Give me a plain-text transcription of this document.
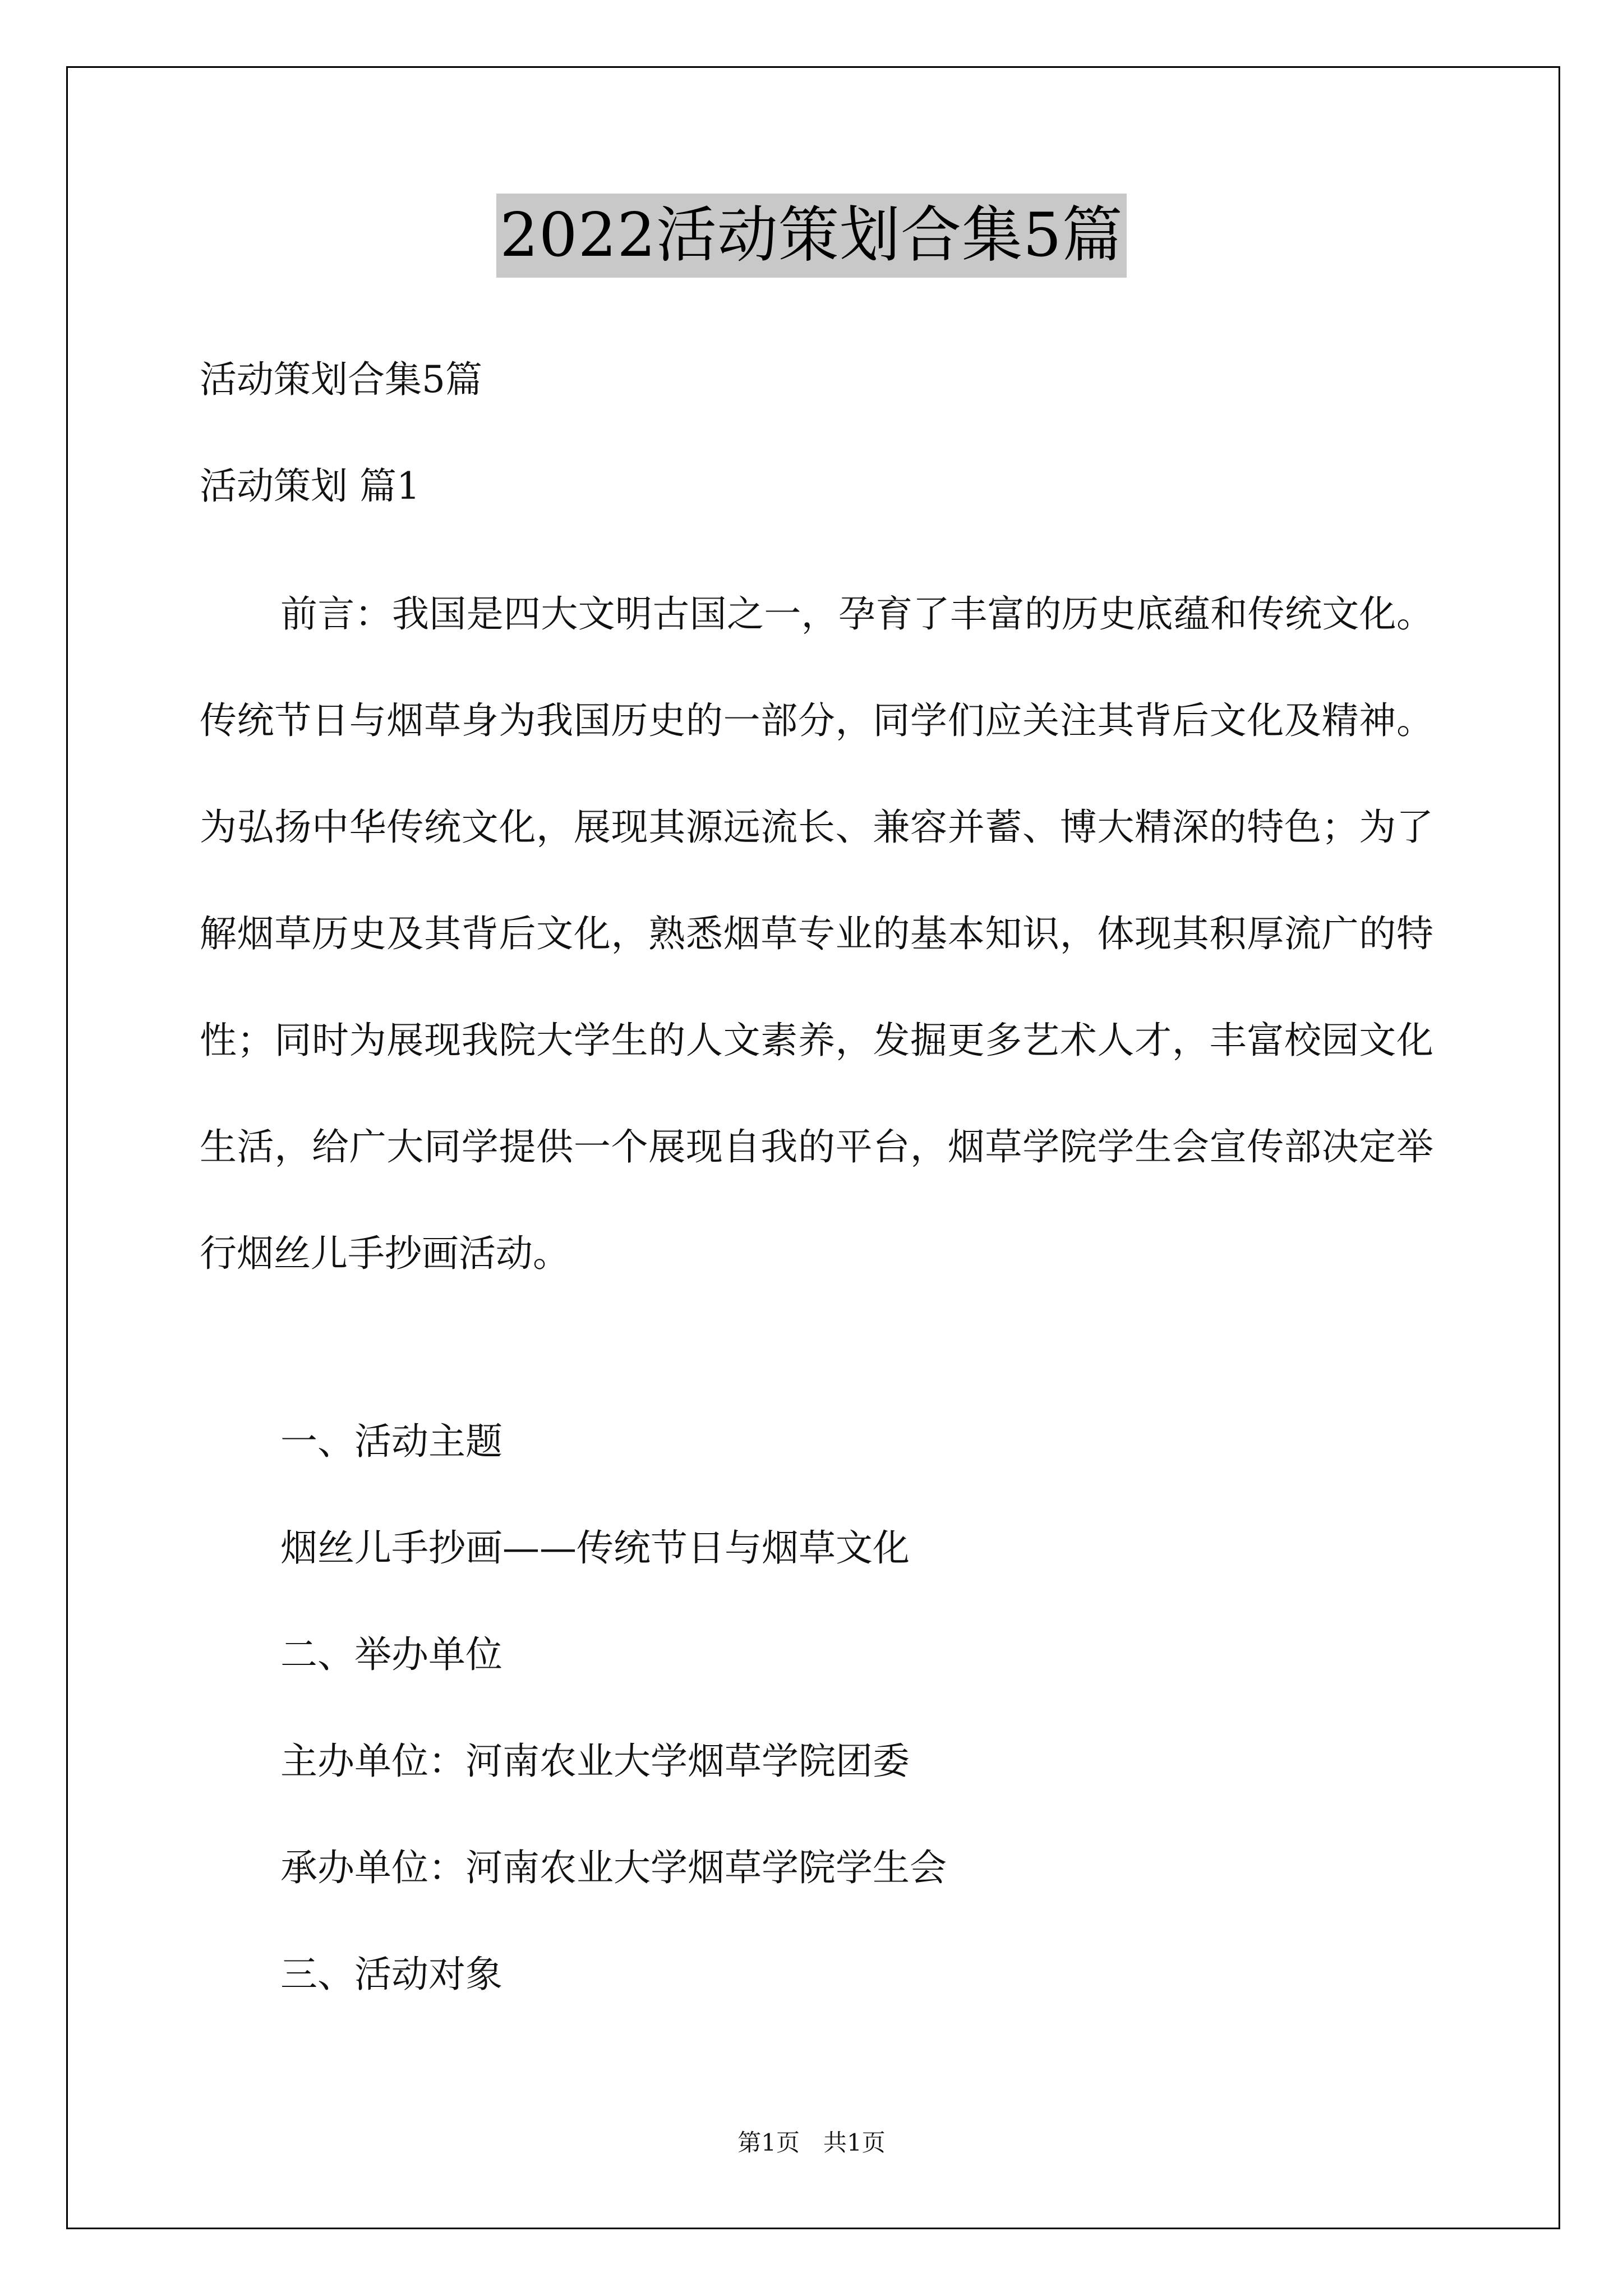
2022活动策划合集5篇
活动策划合集5篇
活动策划 篇1
前言：我国是四大文明古国之一，孕育了丰富的历史底蕴和传统文化。传统节日与烟草身为我国历史的一部分，同学们应关注其背后文化及精神。为弘扬中华传统文化，展现其源远流长、兼容并蓄、博大精深的特色；为了解烟草历史及其背后文化，熟悉烟草专业的基本知识，体现其积厚流广的特性；同时为展现我院大学生的人文素养，发掘更多艺术人才，丰富校园文化生活，给广大同学提供一个展现自我的平台，烟草学院学生会宣传部决定举行烟丝儿手抄画活动。
一、活动主题
烟丝儿手抄画——传统节日与烟草文化
二、举办单位
主办单位：河南农业大学烟草学院团委
承办单位：河南农业大学烟草学院学生会
三、活动对象
第1页　共1页
